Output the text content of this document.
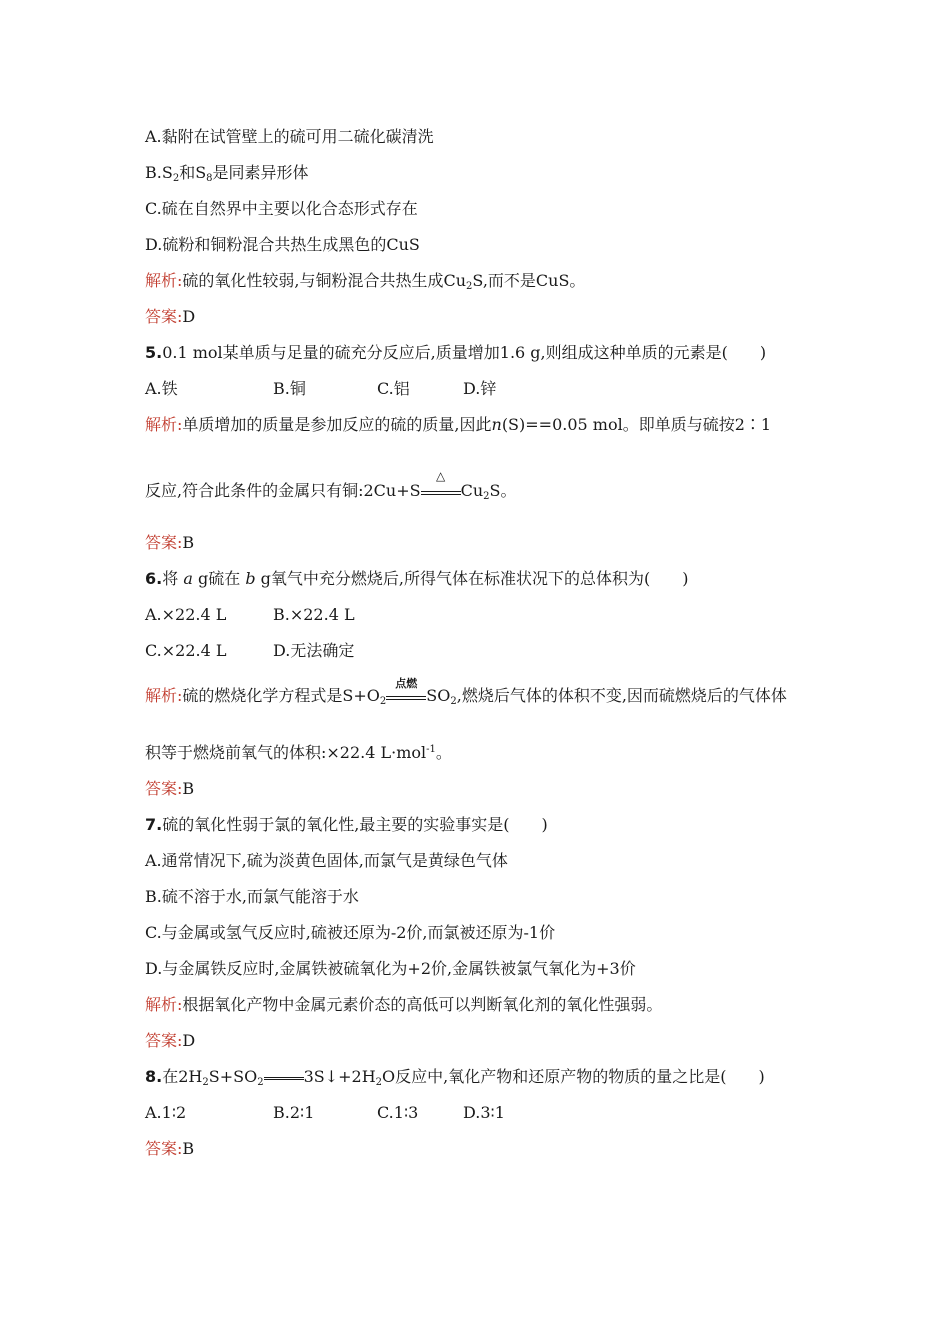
A.黏附在试管壁上的硫可用二硫化碳清洗
$B.S_2$和$S_8$是同素异形体
C.硫在自然界中主要以化合态形式存在
D.硫粉和铜粉混合共热生成黑色的CuS
解析:硫的氧化性较弱,与铜粉混合共热生成$Cu_2S$,而不是CuS。
答案:D
5.0.1 mol某单质与足量的硫充分反应后,质量增加1.6 g,则组成这种单质的元素是(　　)
A.铁	B.铜	C.铝	D.锌
解析:单质增加的质量是参加反应的硫的质量,因此n(S)==0.05 mol。即单质与硫按2∶1
反应,符合此条件的金属只有铜:2Cu+S
△
$Cu_2S$。
答案:B
6.将 a g硫在 b g氧气中充分燃烧后,所得气体在标准状况下的总体积为(　　)
A.×22.4 L	B.×22.4 L
C.×22.4 L	D.无法确定
解析:硫的燃烧化学方程式是$S+O_2$
点燃
$SO_2$,燃烧后气体的体积不变,因而硫燃烧后的气体体
积等于燃烧前氧气的体积:×22.4 L·mol$^{-1}$。
答案:B
7.硫的氧化性弱于氯的氧化性,最主要的实验事实是(　　)
A.通常情况下,硫为淡黄色固体,而氯气是黄绿色气体
B.硫不溶于水,而氯气能溶于水
C.与金属或氢气反应时,硫被还原为-2价,而氯被还原为-1价
D.与金属铁反应时,金属铁被硫氧化为+2价,金属铁被氯气氧化为+3价
解析:根据氧化产物中金属元素价态的高低可以判断氧化剂的氧化性强弱。
答案:D
8.在$2H_2S+SO_2$	$3S↓+2H_2O$反应中,氧化产物和还原产物的物质的量之比是(　　)
A.1∶2	B.2∶1	C.1∶3	D.3∶1
答案:B
